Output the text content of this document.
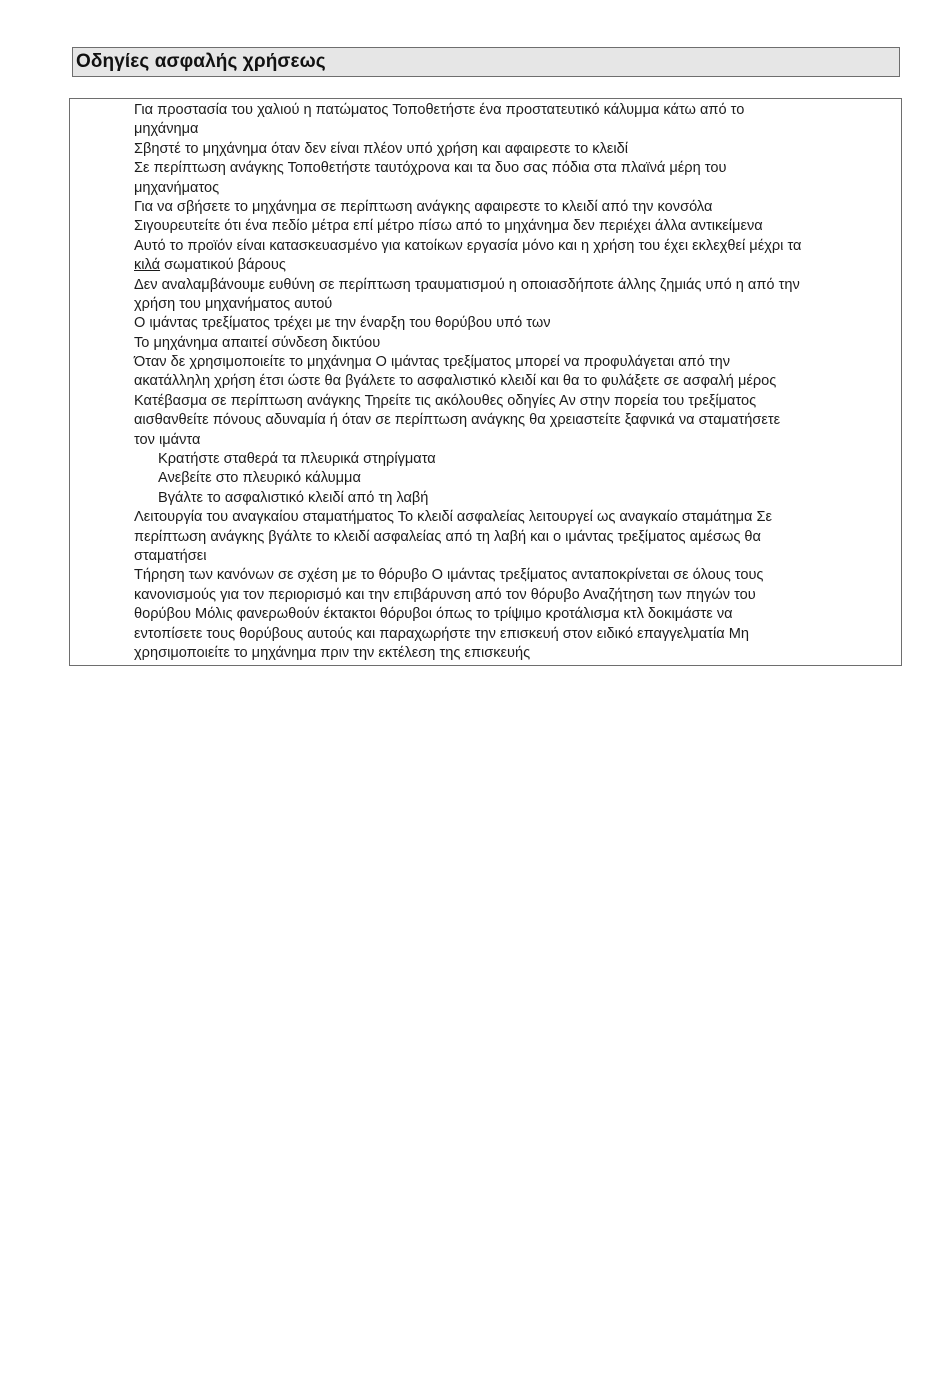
Οδηγίες ασφαλής χρήσεως
Για προστασία του χαλιού η πατώματος Τοποθετήστε ένα προστατευτικό κάλυμμα κάτω από το
μηχάνημα
Σβηστέ το μηχάνημα όταν δεν είναι πλέον υπό χρήση και αφαιρεστε το κλειδί
Σε περίπτωση ανάγκης Τοποθετήστε ταυτόχρονα και τα δυο σας πόδια στα πλαϊνά μέρη του
μηχανήματος
Για να σβήσετε το μηχάνημα σε περίπτωση ανάγκης αφαιρεστε το κλειδί από την κονσόλα
Σιγουρευτείτε ότι ένα πεδίο μέτρα επί μέτρο πίσω από το μηχάνημα δεν περιέχει άλλα αντικείμενα
Αυτό το προϊόν είναι κατασκευασμένο για κατοίκων εργασία μόνο και η χρήση του έχει εκλεχθεί μέχρι τα
κιλά σωματικού βάρους
Δεν αναλαμβάνουμε ευθύνη σε περίπτωση τραυματισμού η οποιασδήποτε άλλης ζημιάς υπό η από την
χρήση του μηχανήματος αυτού
Ο ιμάντας τρεξίματος τρέχει με την έναρξη του θορύβου υπό των
Το μηχάνημα απαιτεί σύνδεση δικτύου
Όταν δε χρησιμοποιείτε το μηχάνημα Ο ιμάντας τρεξίματος μπορεί να προφυλάγεται από την
ακατάλληλη χρήση έτσι ώστε θα βγάλετε το ασφαλιστικό κλειδί και θα το φυλάξετε σε ασφαλή μέρος
Κατέβασμα σε περίπτωση ανάγκης Τηρείτε τις ακόλουθες οδηγίες Αν στην πορεία του τρεξίματος
αισθανθείτε πόνους αδυναμία ή όταν σε περίπτωση ανάγκης θα χρειαστείτε ξαφνικά να σταματήσετε
τον ιμάντα
Κρατήστε σταθερά τα πλευρικά στηρίγματα
Ανεβείτε στο πλευρικό κάλυμμα
Βγάλτε το ασφαλιστικό κλειδί από τη λαβή
Λειτουργία του αναγκαίου σταματήματος Το κλειδί ασφαλείας λειτουργεί ως αναγκαίο σταμάτημα Σε
περίπτωση ανάγκης βγάλτε το κλειδί ασφαλείας από τη λαβή και ο ιμάντας τρεξίματος αμέσως θα
σταματήσει
Τήρηση των κανόνων σε σχέση με το θόρυβο Ο ιμάντας τρεξίματος ανταποκρίνεται σε όλους τους
κανονισμούς για τον περιορισμό και την επιβάρυνση από τον θόρυβο Αναζήτηση των πηγών του
θορύβου Μόλις φανερωθούν έκτακτοι θόρυβοι όπως το τρίψιμο κροτάλισμα κτλ δοκιμάστε να
εντοπίσετε τους θορύβους αυτούς και παραχωρήστε την επισκευή στον ειδικό επαγγελματία Μη
χρησιμοποιείτε το μηχάνημα πριν την εκτέλεση της επισκευής
